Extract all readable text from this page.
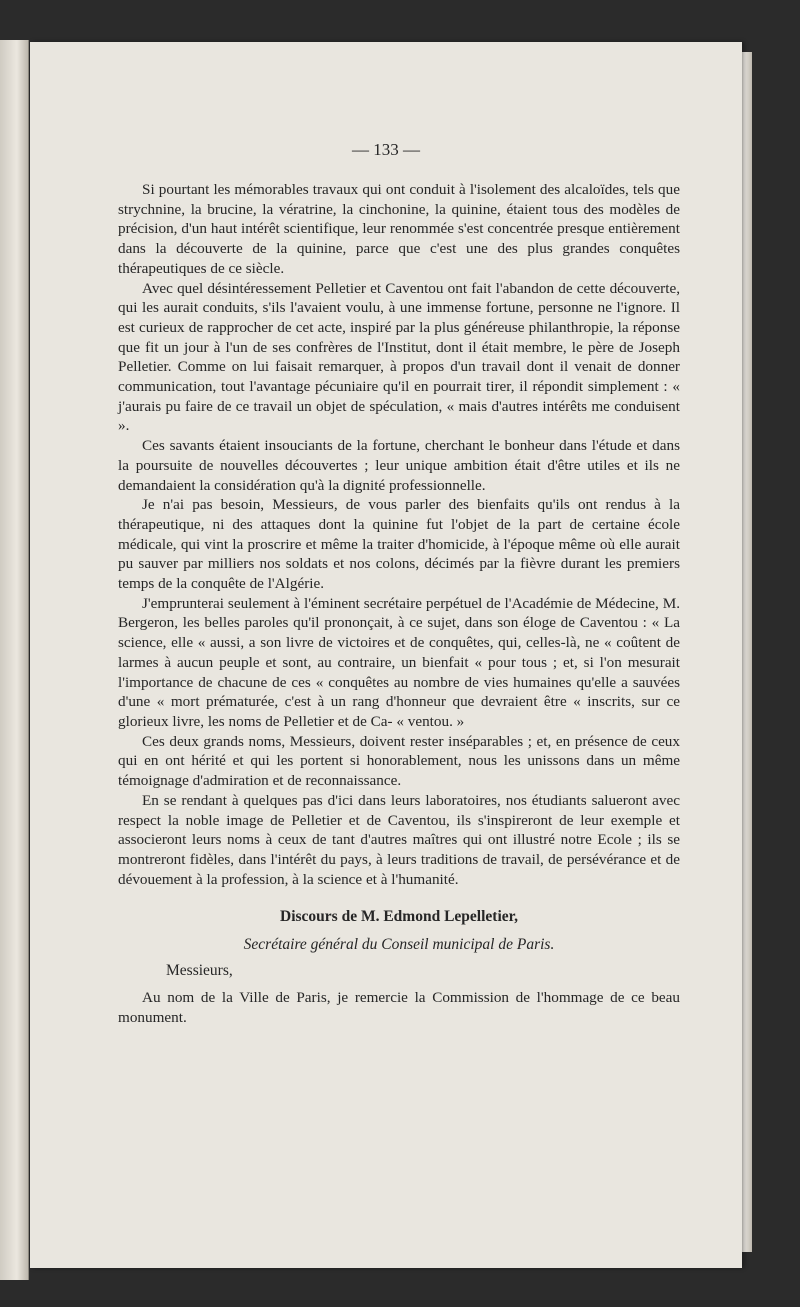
— 133 —

Si pourtant les mémorables travaux qui ont conduit à l'isolement des alcaloïdes, tels que strychnine, la brucine, la vératrine, la cinchonine, la quinine, étaient tous des modèles de précision, d'un haut intérêt scientifique, leur renommée s'est concentrée presque entièrement dans la découverte de la quinine, parce que c'est une des plus grandes conquêtes thérapeutiques de ce siècle.

Avec quel désintéressement Pelletier et Caventou ont fait l'abandon de cette découverte, qui les aurait conduits, s'ils l'avaient voulu, à une immense fortune, personne ne l'ignore. Il est curieux de rapprocher de cet acte, inspiré par la plus généreuse philanthropie, la réponse que fit un jour à l'un de ses confrères de l'Institut, dont il était membre, le père de Joseph Pelletier. Comme on lui faisait remarquer, à propos d'un travail dont il venait de donner communication, tout l'avantage pécuniaire qu'il en pourrait tirer, il répondit simplement : « j'aurais pu faire de ce travail un objet de spéculation, « mais d'autres intérêts me conduisent ».

Ces savants étaient insouciants de la fortune, cherchant le bonheur dans l'étude et dans la poursuite de nouvelles découvertes ; leur unique ambition était d'être utiles et ils ne demandaient la considération qu'à la dignité professionnelle.

Je n'ai pas besoin, Messieurs, de vous parler des bienfaits qu'ils ont rendus à la thérapeutique, ni des attaques dont la quinine fut l'objet de la part de certaine école médicale, qui vint la proscrire et même la traiter d'homicide, à l'époque même où elle aurait pu sauver par milliers nos soldats et nos colons, décimés par la fièvre durant les premiers temps de la conquête de l'Algérie.

J'emprunterai seulement à l'éminent secrétaire perpétuel de l'Académie de Médecine, M. Bergeron, les belles paroles qu'il prononçait, à ce sujet, dans son éloge de Caventou : « La science, elle « aussi, a son livre de victoires et de conquêtes, qui, celles-là, ne « coûtent de larmes à aucun peuple et sont, au contraire, un bienfait « pour tous ; et, si l'on mesurait l'importance de chacune de ces « conquêtes au nombre de vies humaines qu'elle a sauvées d'une « mort prématurée, c'est à un rang d'honneur que devraient être « inscrits, sur ce glorieux livre, les noms de Pelletier et de Ca- « ventou. »

Ces deux grands noms, Messieurs, doivent rester inséparables ; et, en présence de ceux qui en ont hérité et qui les portent si honorablement, nous les unissons dans un même témoignage d'admiration et de reconnaissance.

En se rendant à quelques pas d'ici dans leurs laboratoires, nos étudiants salueront avec respect la noble image de Pelletier et de Caventou, ils s'inspireront de leur exemple et associeront leurs noms à ceux de tant d'autres maîtres qui ont illustré notre Ecole ; ils se montreront fidèles, dans l'intérêt du pays, à leurs traditions de travail, de persévérance et de dévouement à la profession, à la science et à l'humanité.

Discours de M. Edmond Lepelletier,

Secrétaire général du Conseil municipal de Paris.

Messieurs,

Au nom de la Ville de Paris, je remercie la Commission de l'hommage de ce beau monument.
